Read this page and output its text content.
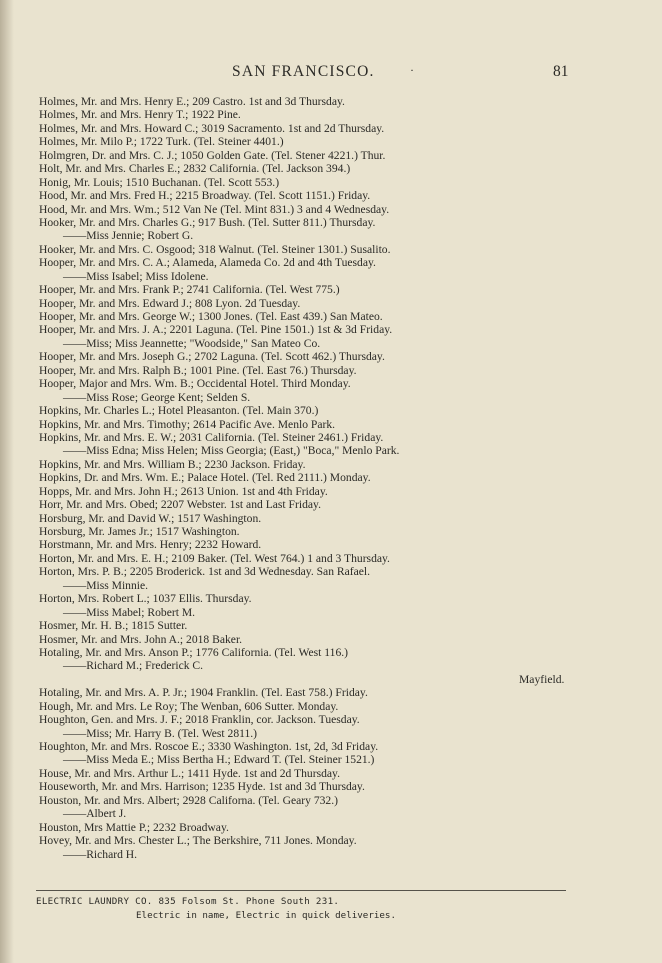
SAN FRANCISCO.	·	81
Holmes, Mr. and Mrs. Henry E.; 209 Castro. 1st and 3d Thursday.
Holmes, Mr. and Mrs. Henry T.; 1922 Pine.
Holmes, Mr. and Mrs. Howard C.; 3019 Sacramento. 1st and 2d Thursday.
Holmes, Mr. Milo P.; 1722 Turk. (Tel. Steiner 4401.)
Holmgren, Dr. and Mrs. C. J.; 1050 Golden Gate. (Tel. Stener 4221.) Thur.
Holt, Mr. and Mrs. Charles E.; 2832 California. (Tel. Jackson 394.)
Honig, Mr. Louis; 1510 Buchanan. (Tel. Scott 553.)
Hood, Mr. and Mrs. Fred H.; 2215 Broadway. (Tel. Scott 1151.) Friday.
Hood, Mr. and Mrs. Wm.; 512 Van Ne (Tel. Mint 831.) 3 and 4 Wednesday.
Hooker, Mr. and Mrs. Charles G.; 917 Bush. (Tel. Sutter 811.) Thursday.
——Miss Jennie; Robert G.
Hooker, Mr. and Mrs. C. Osgood; 318 Walnut. (Tel. Steiner 1301.) Susalito.
Hooper, Mr. and Mrs. C. A.; Alameda, Alameda Co. 2d and 4th Tuesday.
——Miss Isabel; Miss Idolene.
Hooper, Mr. and Mrs. Frank P.; 2741 California. (Tel. West 775.)
Hooper, Mr. and Mrs. Edward J.; 808 Lyon. 2d Tuesday.
Hooper, Mr. and Mrs. George W.; 1300 Jones. (Tel. East 439.) San Mateo.
Hooper, Mr. and Mrs. J. A.; 2201 Laguna. (Tel. Pine 1501.) 1st & 3d Friday.
——Miss; Miss Jeannette; "Woodside," San Mateo Co.
Hooper, Mr. and Mrs. Joseph G.; 2702 Laguna. (Tel. Scott 462.) Thursday.
Hooper, Mr. and Mrs. Ralph B.; 1001 Pine. (Tel. East 76.) Thursday.
Hooper, Major and Mrs. Wm. B.; Occidental Hotel. Third Monday.
——Miss Rose; George Kent; Selden S.
Hopkins, Mr. Charles L.; Hotel Pleasanton. (Tel. Main 370.)
Hopkins, Mr. and Mrs. Timothy; 2614 Pacific Ave. Menlo Park.
Hopkins, Mr. and Mrs. E. W.; 2031 California. (Tel. Steiner 2461.) Friday.
——Miss Edna; Miss Helen; Miss Georgia; (East,) "Boca," Menlo Park.
Hopkins, Mr. and Mrs. William B.; 2230 Jackson. Friday.
Hopkins, Dr. and Mrs. Wm. E.; Palace Hotel. (Tel. Red 2111.) Monday.
Hopps, Mr. and Mrs. John H.; 2613 Union. 1st and 4th Friday.
Horr, Mr. and Mrs. Obed; 2207 Webster. 1st and Last Friday.
Horsburg, Mr. and David W.; 1517 Washington.
Horsburg, Mr. James Jr.; 1517 Washington.
Horstmann, Mr. and Mrs. Henry; 2232 Howard.
Horton, Mr. and Mrs. E. H.; 2109 Baker. (Tel. West 764.) 1 and 3 Thursday.
Horton, Mrs. P. B.; 2205 Broderick. 1st and 3d Wednesday. San Rafael.
——Miss Minnie.
Horton, Mrs. Robert L.; 1037 Ellis. Thursday.
——Miss Mabel; Robert M.
Hosmer, Mr. H. B.; 1815 Sutter.
Hosmer, Mr. and Mrs. John A.; 2018 Baker.
Hotaling, Mr. and Mrs. Anson P.; 1776 California. (Tel. West 116.)
——Richard M.; Frederick C.
Mayfield.
Hotaling, Mr. and Mrs. A. P. Jr.; 1904 Franklin. (Tel. East 758.) Friday.
Hough, Mr. and Mrs. Le Roy; The Wenban, 606 Sutter. Monday.
Houghton, Gen. and Mrs. J. F.; 2018 Franklin, cor. Jackson. Tuesday.
——Miss; Mr. Harry B. (Tel. West 2811.)
Houghton, Mr. and Mrs. Roscoe E.; 3330 Washington. 1st, 2d, 3d Friday.
——Miss Meda E.; Miss Bertha H.; Edward T. (Tel. Steiner 1521.)
House, Mr. and Mrs. Arthur L.; 1411 Hyde. 1st and 2d Thursday.
Houseworth, Mr. and Mrs. Harrison; 1235 Hyde. 1st and 3d Thursday.
Houston, Mr. and Mrs. Albert; 2928 Californa. (Tel. Geary 732.)
——Albert J.
Houston, Mrs Mattie P.; 2232 Broadway.
Hovey, Mr. and Mrs. Chester L.; The Berkshire, 711 Jones. Monday.
——Richard H.
ELECTRIC LAUNDRY CO. 835 Folsom St. Phone South 231.
Electric in name, Electric in quick deliveries.
